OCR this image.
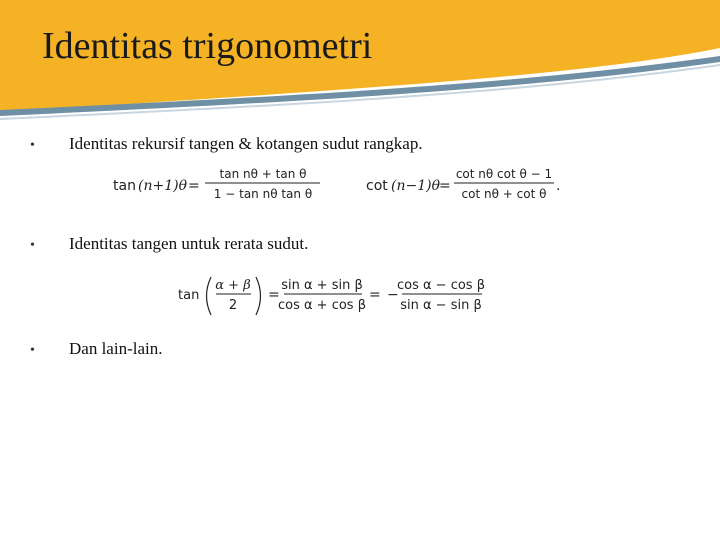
Identitas trigonometri
• Identitas rekursif tangen & kotangen sudut rangkap.
tan (n+1)θ =
tan nθ + tan θ
1 − tan nθ tan θ	cot (n−1)θ
=
cot nθ cot θ − 1
cot nθ + cot θ .
• Identitas tangen untuk rerata sudut.
tan
α + β
2
=
sin α + sin β
cos α + cos β
= −
cos α − cos β
sin α − sin β
• Dan lain-lain.
